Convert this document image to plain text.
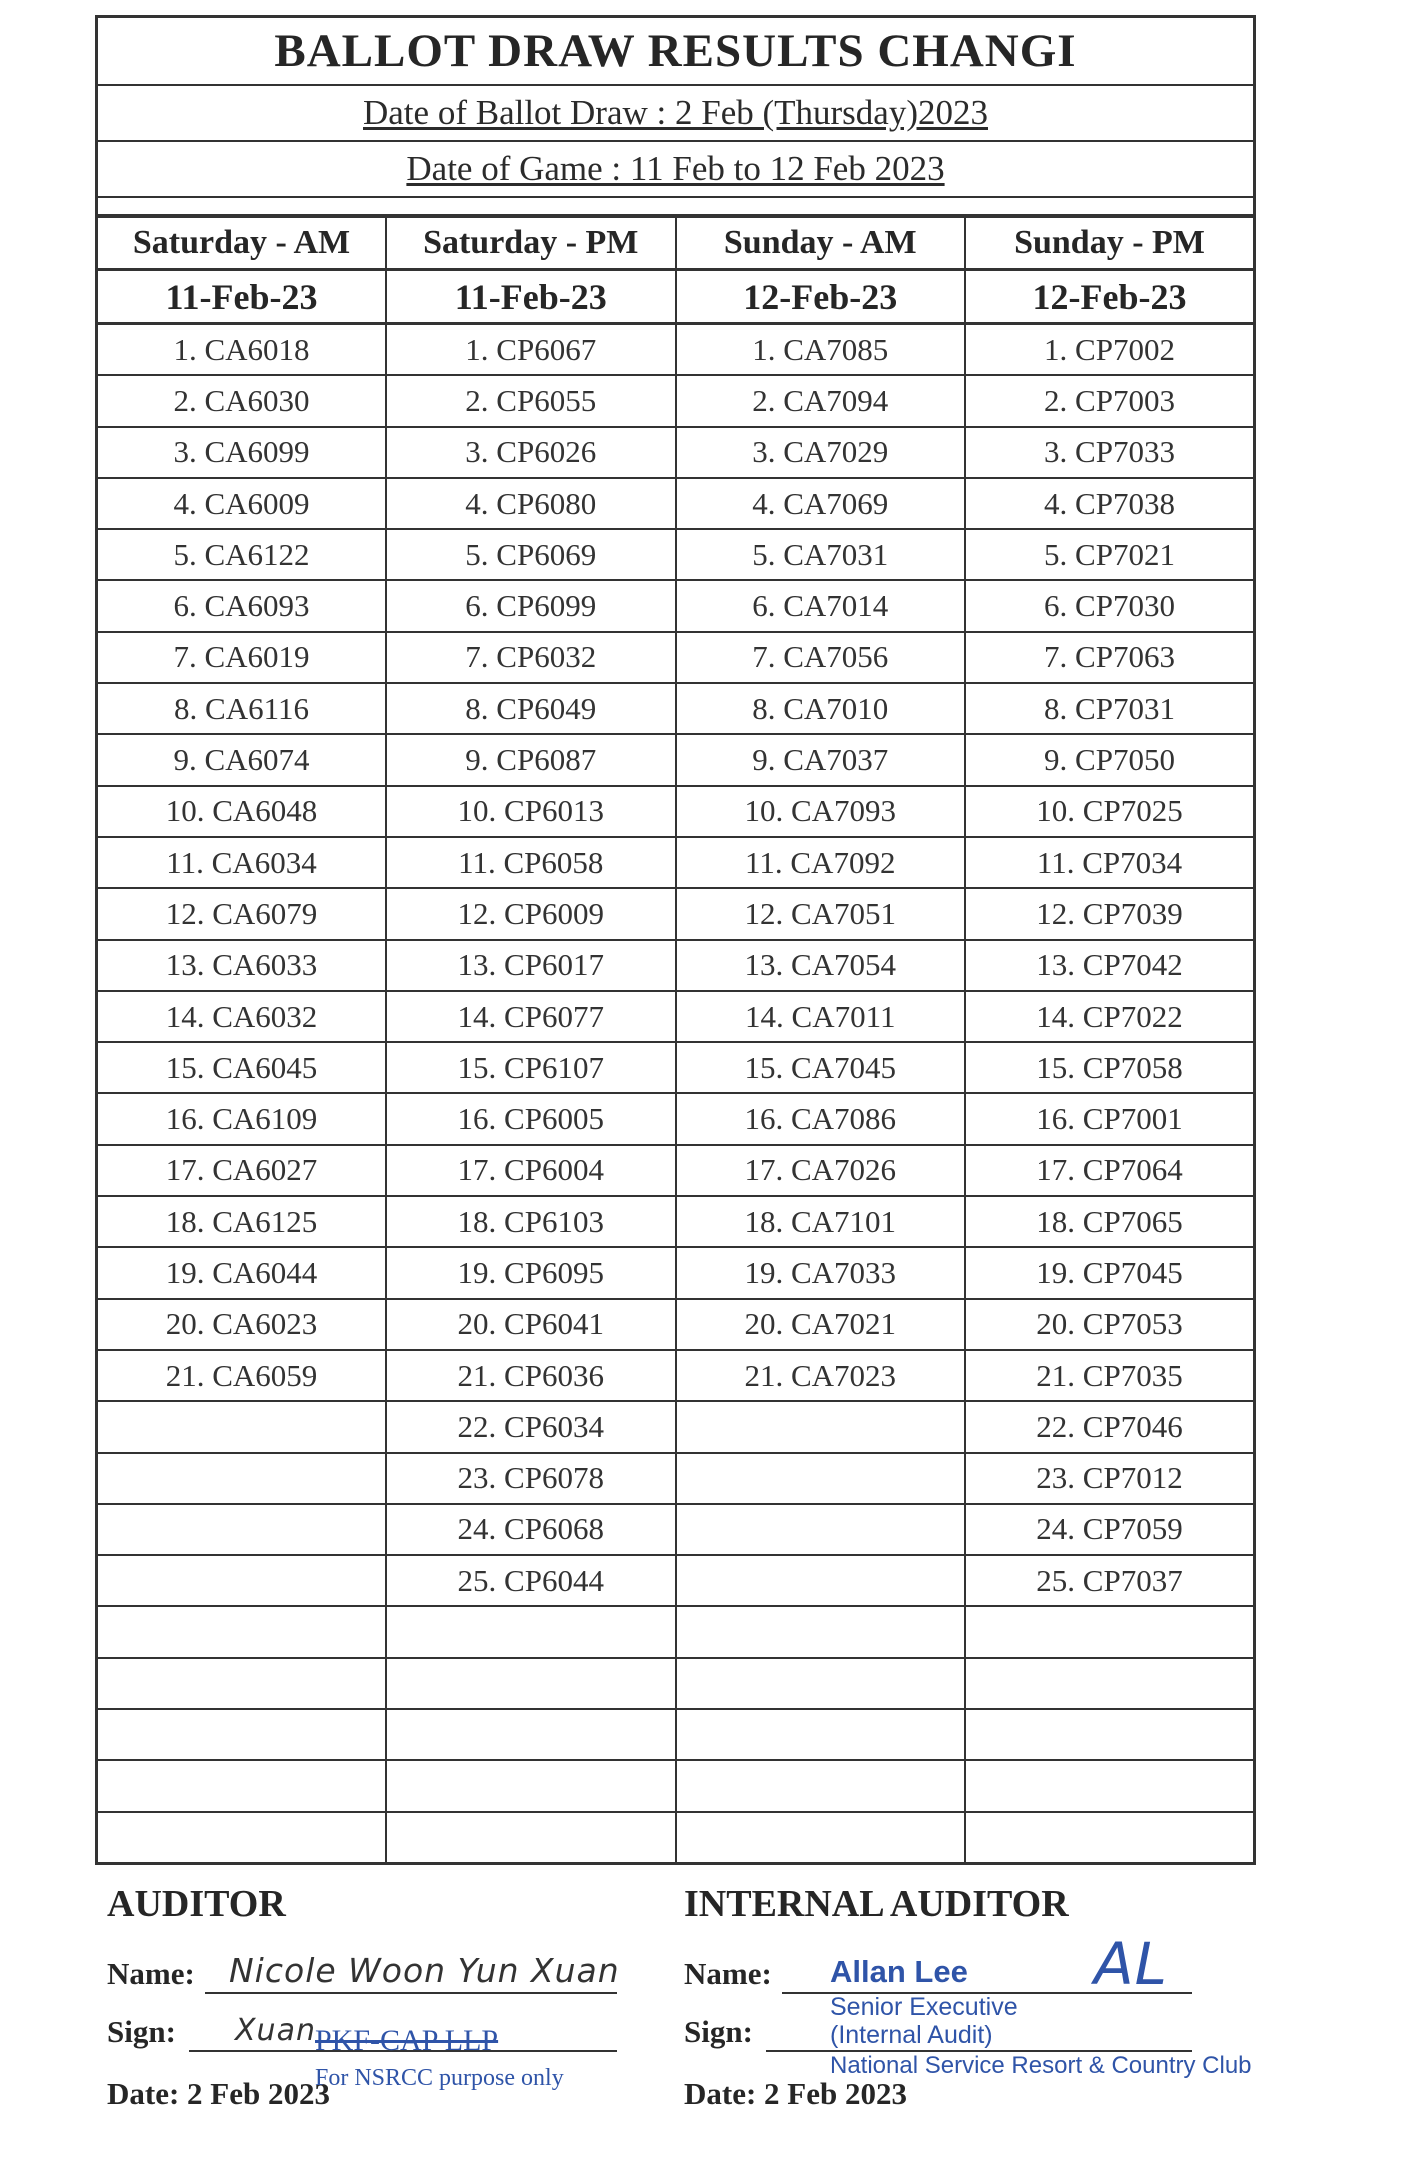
BALLOT DRAW RESULTS CHANGI
Date of Ballot Draw : 2 Feb (Thursday)2023
Date of Game : 11 Feb to 12 Feb 2023
Saturday - AM	Saturday - PM	Sunday - AM	Sunday - PM
11-Feb-23	11-Feb-23	12-Feb-23	12-Feb-23
1. CA6018	1. CP6067	1. CA7085	1. CP7002
2. CA6030	2. CP6055	2. CA7094	2. CP7003
3. CA6099	3. CP6026	3. CA7029	3. CP7033
4. CA6009	4. CP6080	4. CA7069	4. CP7038
5. CA6122	5. CP6069	5. CA7031	5. CP7021
6. CA6093	6. CP6099	6. CA7014	6. CP7030
7. CA6019	7. CP6032	7. CA7056	7. CP7063
8. CA6116	8. CP6049	8. CA7010	8. CP7031
9. CA6074	9. CP6087	9. CA7037	9. CP7050
10. CA6048	10. CP6013	10. CA7093	10. CP7025
11. CA6034	11. CP6058	11. CA7092	11. CP7034
12. CA6079	12. CP6009	12. CA7051	12. CP7039
13. CA6033	13. CP6017	13. CA7054	13. CP7042
14. CA6032	14. CP6077	14. CA7011	14. CP7022
15. CA6045	15. CP6107	15. CA7045	15. CP7058
16. CA6109	16. CP6005	16. CA7086	16. CP7001
17. CA6027	17. CP6004	17. CA7026	17. CP7064
18. CA6125	18. CP6103	18. CA7101	18. CP7065
19. CA6044	19. CP6095	19. CA7033	19. CP7045
20. CA6023	20. CP6041	20. CA7021	20. CP7053
21. CA6059	21. CP6036	21. CA7023	21. CP7035
	22. CP6034		22. CP7046
	23. CP6078		23. CP7012
	24. CP6068		24. CP7059
	25. CP6044		25. CP7037

AUDITOR
Name: Nicole Woon Yun Xuan
Sign: Xuan PKF-CAP LLP
Date: 2 Feb 2023
For NSRCC purpose only
INTERNAL AUDITOR
Name: Allan Lee
Senior Executive
AL
Sign:	(Internal Audit)
National Service Resort & Country Club
Date: 2 Feb 2023
